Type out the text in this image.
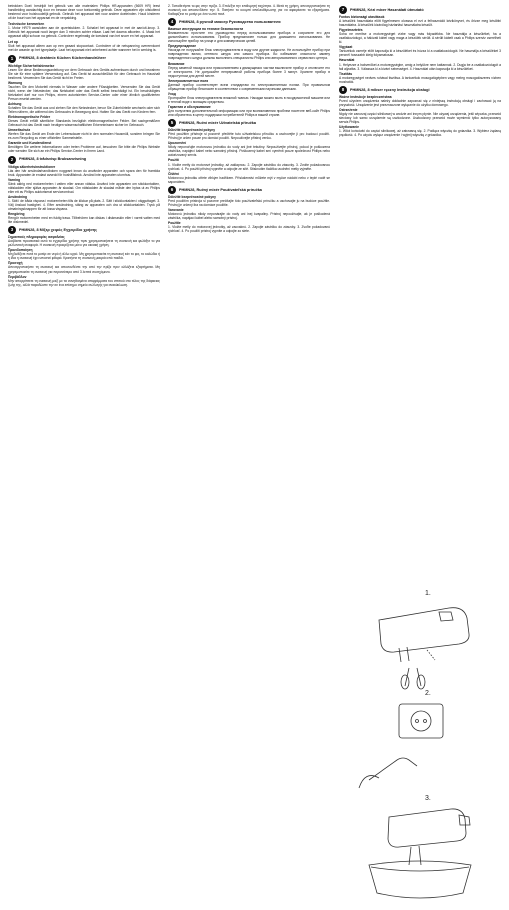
betrokken Doel: bestrijdt het gebruik van alle materialen Philips HR-apparaten (5609 HR) leest handleiding aandachtig door en bewaar deze voor toekomstig gebruik. Deze apparaten zijn uitsluitend bestemd voor huishoudelijk gebruik. Gebruik het apparaat niet voor andere doeleinden. Houd kinderen uit de buurt van het apparaat en de verpakking.

Technische kenmerken

1. Motor HR79 aansluiten aan de opzetstukken. 2. Schakel het apparaat in met de aan/uit-knop. 3. Gebruik het apparaat nooit langer dan 3 minuten achter elkaar. Laat het daarna afkoelen. 4. Maak het apparaat altijd schoon na gebruik. Controleer regelmatig de toestand van het snoer en het apparaat.

Let op

Sluit het apparaat alleen aan op een geaard stopcontact. Controleer of de netspanning overeenkomt met de waarde op het typeplaatje. Laat het apparaat niet onbeheerd achter wanneer het in werking is.

1	PHMN28, 8 drahtmix Küchen Küchenhandrührer
Wichtige Sicherheitshinweise

Lesen Sie diese Bedienungsanleitung vor dem Gebrauch des Geräts aufmerksam durch und bewahren Sie sie für eine spätere Verwendung auf. Das Gerät ist ausschließlich für den Gebrauch im Haushalt bestimmt. Verwenden Sie das Gerät nicht im Freien.

Warnung

Tauchen Sie den Motorteil niemals in Wasser oder andere Flüssigkeiten. Verwenden Sie das Gerät nicht, wenn der Netzstecker, das Netzkabel oder das Gerät selbst beschädigt ist. Ein beschädigtes Netzkabel darf nur von Philips, einem autorisierten Service-Center oder einer ähnlich qualifizierten Person ersetzt werden.

Achtung

Schalten Sie das Gerät aus und ziehen Sie den Netzstecker, bevor Sie Zubehörteile wechseln oder sich Teilen nähern, die während des Gebrauchs in Bewegung sind. Halten Sie das Gerät von Kindern fern.

Elektromagnetische Felder

Dieses Gerät erfüllt sämtliche Standards bezüglich elektromagnetischer Felder. Bei sachgemäßem Gebrauch ist das Gerät nach heutigen wissenschaftlichen Erkenntnissen sicher im Gebrauch.

Umweltschutz

Werfen Sie das Gerät am Ende der Lebensdauer nicht in den normalen Hausmüll, sondern bringen Sie es zum Recycling zu einer offiziellen Sammelstelle.

Garantie und Kundendienst

Benötigen Sie weitere Informationen oder treten Probleme auf, besuchen Sie bitte die Philips Website oder wenden Sie sich an ein Philips Service-Center in Ihrem Land.

2	PHMN28, 8 trådsvisp Bruksanvisning
Viktiga säkerhetsinstruktioner

Läs den här användarhandboken noggrant innan du använder apparaten och spara den för framtida bruk. Apparaten är endast avsedd för hushållsbruk. Använd inte apparaten utomhus.

Varning

Sänk aldrig ned motorenheten i vatten eller annan vätska. Använd inte apparaten om stickkontakten, nätsladden eller själva apparaten är skadad. Om nätsladden är skadad måste den bytas ut av Philips eller ett av Philips auktoriserat serviceombud.

Användning

1. Sätt i de båda vispana i motorenheten tills de klickar på plats. 2. Sätt i stickkontakten i vägguttaget. 3. Välj önskad hastighet. 4. Efter användning, stäng av apparaten och dra ut stickkontakten. Tryck på utmatningsknappen för att lossa vispana.

Rengöring

Rengör motorenheten med en fuktig trasa. Tillbehören kan diskas i diskmaskin eller i varmt vatten med lite diskmedel.

3	PHMN28, 8 Μίξερ χειρός Εγχειρίδιο χρήσης
Σημαντικές πληροφορίες ασφαλείας

Διαβάστε προσεκτικά αυτό το εγχειρίδιο χρήσης πριν χρησιμοποιήσετε τη συσκευή και φυλάξτε το για μελλοντική αναφορά. Η συσκευή προορίζεται μόνο για οικιακή χρήση.

Προειδοποίηση

Μη βυθίζετε ποτέ το μοτέρ σε νερό ή άλλο υγρό. Μη χρησιμοποιείτε τη συσκευή εάν το φις, το καλώδιο ή η ίδια η συσκευή έχει υποστεί φθορά. Κρατήστε τη συσκευή μακριά από παιδιά.

Προσοχή

Απενεργοποιήστε τη συσκευή και αποσυνδέστε την από την πρίζα πριν αλλάξετε εξαρτήματα. Μη χρησιμοποιείτε τη συσκευή για περισσότερο από 3 λεπτά συνεχόμενα.

Περιβάλλον

Μην απορρίπτετε τη συσκευή μαζί με τα συνηθισμένα απορρίμματα του σπιτιού στο τέλος της διάρκειας ζωής της, αλλά παραδώστε την σε ένα επίσημο σημείο συλλογής για ανακύκλωση.

2. Τοποθετήστε το φις στην πρίζα. 3. Επιλέξτε την επιθυμητή ταχύτητα. 4. Μετά τη χρήση, απενεργοποιήστε τη συσκευή και αποσυνδέστε την. 5. Πατήστε το κουμπί απελευθέρωσης για να αφαιρέσετε τα εξαρτήματα. Καθαρίζετε το μοτέρ με ένα νωπό πανί.

4	PHMN28, 8 ручной миксер Руководство пользователя
Важные инструкции по технике безопасности

Внимательно прочтите это руководство перед использованием прибора и сохраните его для дальнейшего использования. Прибор предназначен только для домашнего использования. Не используйте прибор на улице и для коммерческих целей.

Предупреждение

Никогда не погружайте блок электродвигателя в воду или другие жидкости. Не используйте прибор при повреждении вилки, сетевого шнура или самого прибора. Во избежание опасности замену поврежденного шнура должны выполнять специалисты Philips или авторизованного сервисного центра.

Внимание

Перед заменой насадок или прикосновением к движущимся частям выключите прибор и отключите его от электросети. Не допускайте непрерывной работы прибора более 3 минут. Храните прибор в недоступном для детей месте.

Электромагнитные поля

Данный прибор соответствует всем стандартам по электромагнитным полям. При правильном обращении прибор безопасен в соответствии с современными научными данными.

Уход

Протирайте блок электродвигателя влажной тканью. Насадки можно мыть в посудомоечной машине или в теплой воде с моющим средством.

Гарантия и обслуживание

Для получения дополнительной информации или при возникновении проблем посетите веб-сайт Philips или обратитесь в центр поддержки потребителей Philips в вашей стране.

5	PHMN28, Ruční mixér Uživatelská příručka
Důležité bezpečnostní pokyny

Před použitím přístroje si pozorně přečtěte tuto uživatelskou příručku a uschovejte ji pro budoucí použití. Přístroj je určen pouze pro domácí použití. Nepoužívejte přístroj venku.

Upozornění

Nikdy neponořujte motorovou jednotku do vody ani jiné tekutiny. Nepoužívejte přístroj, pokud je poškozena zástrčka, napájecí kabel nebo samotný přístroj. Poškozený kabel smí vyměnit pouze společnost Philips nebo autorizovaný servis.

Použití

1. Vložte metly do motorové jednotky, až zaklapnou. 2. Zapojte zástrčku do zásuvky. 3. Zvolte požadovanou rychlost. 4. Po použití přístroj vypněte a odpojte ze sítě. Stisknutím tlačítka uvolnění metly vyjměte.

Čištění

Motorovou jednotku otřete vlhkým hadříkem. Příslušenství můžete mýt v myčce nádobí nebo v teplé vodě se saponátem.

6	PHMN28, Ručný mixér Používateľská príručka
Dôležité bezpečnostné pokyny

Pred použitím prístroja si pozorne prečítajte túto používateľskú príručku a uschovajte ju na budúce použitie. Prístroj je určený iba na domáce použitie.

Varovanie

Motorovú jednotku nikdy neponárajte do vody ani inej kvapaliny. Prístroj nepoužívajte, ak je poškodená zástrčka, napájací kábel alebo samotný prístroj.

Použitie

1. Vložte metly do motorovej jednotky, až zacvaknú. 2. Zapojte zástrčku do zásuvky. 3. Zvoľte požadovanú rýchlosť. 4. Po použití prístroj vypnite a odpojte zo siete.

7	PHMN28, Kézi mixer Használati útmutató
Fontos biztonsági utasítások

A készülék használata előtt figyelmesen olvassa el ezt a felhasználói kézikönyvet, és őrizze meg későbbi használatra. A készülék kizárólag háztartási használatra készült.

Figyelmeztetés

Soha ne merítse a motoregységet vízbe vagy más folyadékba. Ne használja a készüléket, ha a csatlakozódugó, a hálózati kábel vagy maga a készülék sérült. A sérült kábelt csak a Philips szerviz cserélheti ki.

Vigyázat

Tartozékok cseréje előtt kapcsolja ki a készüléket és húzza ki a csatlakozódugót. Ne használja a készüléket 3 percnél hosszabb ideig folyamatosan.

Használat

1. Helyezze a habverőket a motoregységbe, amíg a helyükre nem kattannak. 2. Dugja be a csatlakozódugót a fali aljzatba. 3. Válassza ki a kívánt sebességet. 4. Használat után kapcsolja ki a készüléket.

Tisztítás

A motoregységet nedves ruhával tisztítsa. A tartozékok mosogatógépben vagy meleg mosogatószeres vízben moshatók.

8	PHMN28, 8 mikser ręczny Instrukcja obsługi
Ważne instrukcje bezpieczeństwa

Przed użyciem urządzenia należy dokładnie zapoznać się z niniejszą instrukcją obsługi i zachować ją na przyszłość. Urządzenie jest przeznaczone wyłącznie do użytku domowego.

Ostrzeżenie

Nigdy nie zanurzaj części silnikowej w wodzie ani innym płynie. Nie używaj urządzenia, jeśli wtyczka, przewód sieciowy lub samo urządzenie są uszkodzone. Uszkodzony przewód może wymienić tylko autoryzowany serwis Philips.

Użytkowanie

1. Włóż końcówki do części silnikowej, aż zatrzasną się. 2. Podłącz wtyczkę do gniazdka. 3. Wybierz żądaną prędkość. 4. Po użyciu wyłącz urządzenie i wyjmij wtyczkę z gniazdka.

1.
2.
3.
